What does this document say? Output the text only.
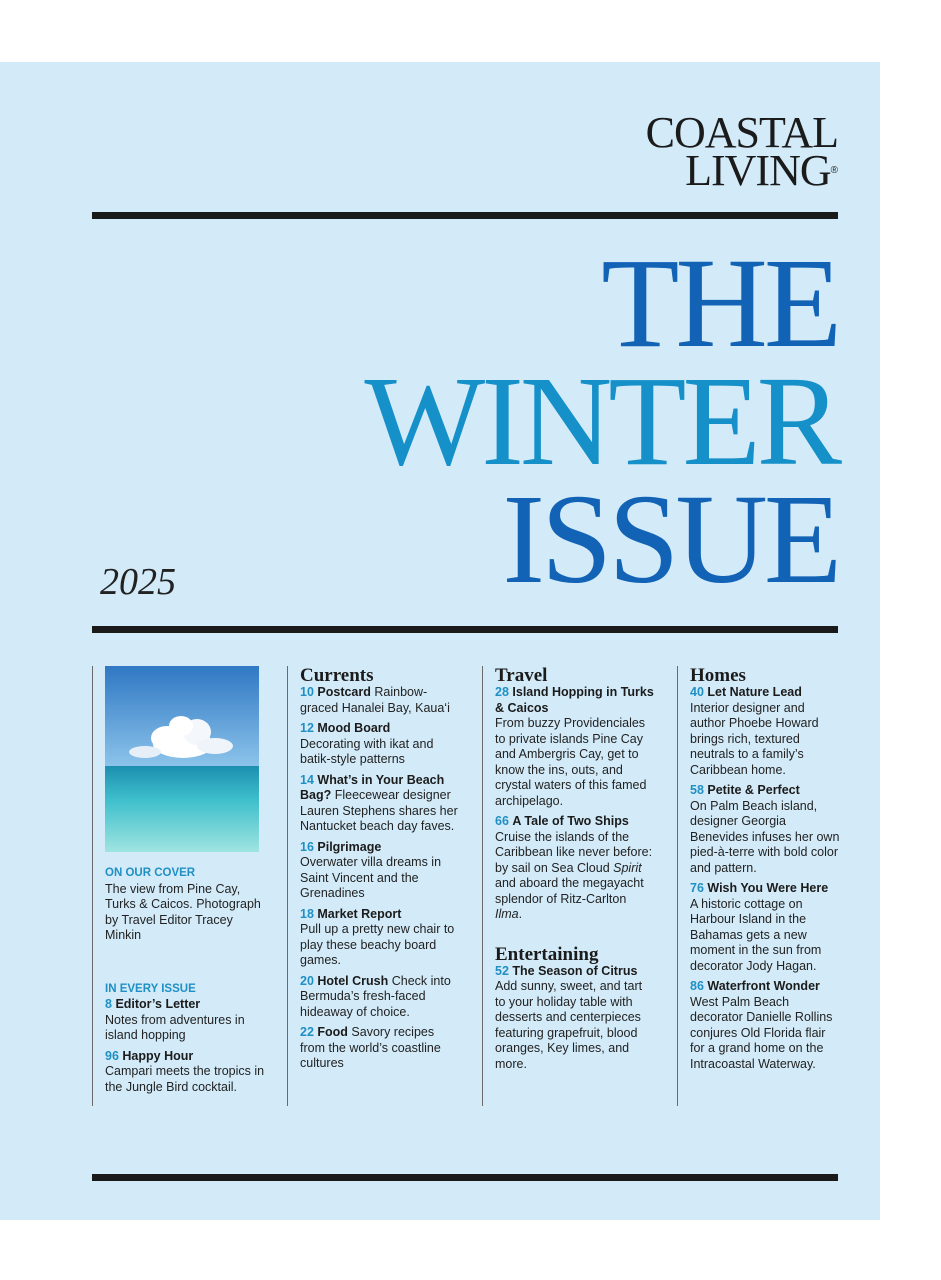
COASTAL
LIVING®
THE
WINTER
ISSUE
2025
ON OUR COVER
The view from Pine Cay, Turks & Caicos. Photograph by Travel Editor Tracey Minkin
IN EVERY ISSUE
8 Editor’s Letter
Notes from adventures in island hopping
96 Happy Hour
Campari meets the tropics in the Jungle Bird cocktail.
Currents
10 Postcard Rainbow-graced Hanalei Bay, Kaua‘i
12 Mood Board
Decorating with ikat and batik-style patterns
14 What’s in Your Beach Bag? Fleecewear designer Lauren Stephens shares her Nantucket beach day faves.
16 Pilgrimage
Overwater villa dreams in Saint Vincent and the Grenadines
18 Market Report
Pull up a pretty new chair to play these beachy board games.
20 Hotel Crush Check into Bermuda’s fresh-faced hideaway of choice.
22 Food Savory recipes from the world’s coastline cultures
Travel
28 Island Hopping in Turks & Caicos
From buzzy Providenciales to private islands Pine Cay and Ambergris Cay, get to know the ins, outs, and crystal waters of this famed archipelago.
66 A Tale of Two Ships
Cruise the islands of the Caribbean like never before: by sail on Sea Cloud Spirit and aboard the megayacht splendor of Ritz-Carlton Ilma.
Entertaining
52 The Season of Citrus
Add sunny, sweet, and tart to your holiday table with desserts and centerpieces featuring grapefruit, blood oranges, Key limes, and more.
Homes
40 Let Nature Lead
Interior designer and author Phoebe Howard brings rich, textured neutrals to a family’s Caribbean home.
58 Petite & Perfect
On Palm Beach island, designer Georgia Benevides infuses her own pied-à-terre with bold color and pattern.
76 Wish You Were Here
A historic cottage on Harbour Island in the Bahamas gets a new moment in the sun from decorator Jody Hagan.
86 Waterfront Wonder
West Palm Beach decorator Danielle Rollins conjures Old Florida flair for a grand home on the Intracoastal Waterway.
